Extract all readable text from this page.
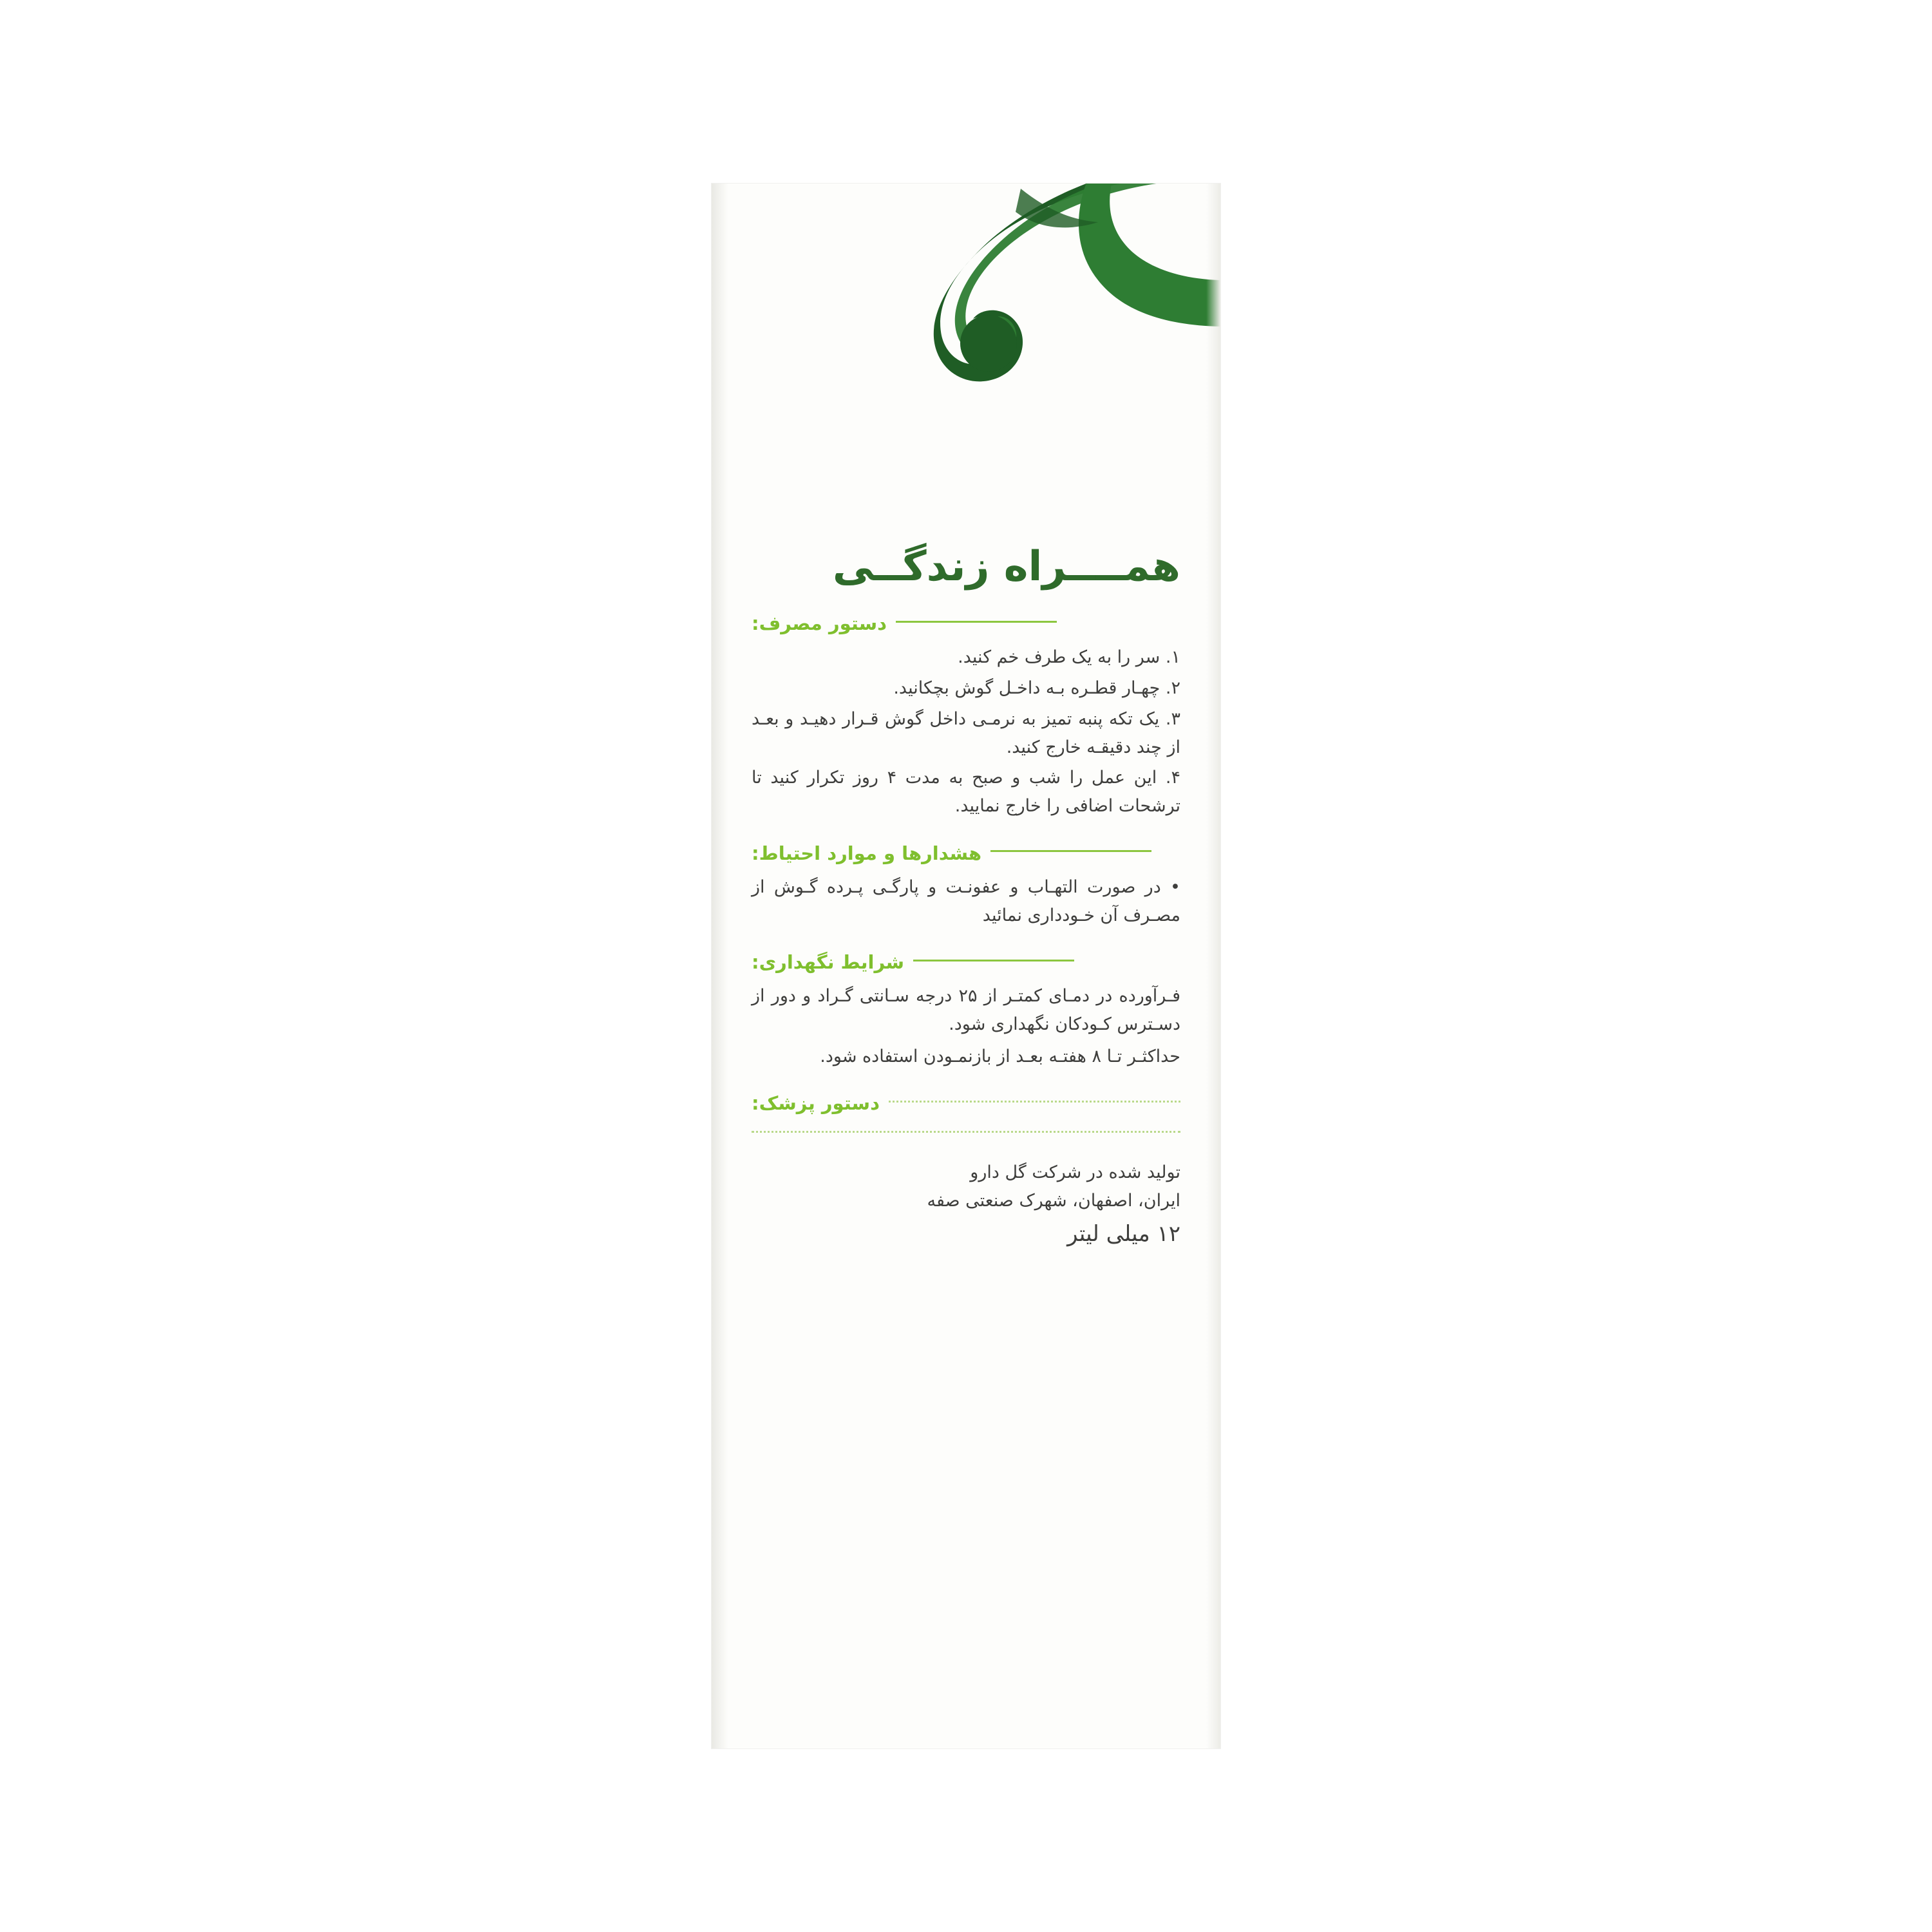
همــــراه زندگــی
دستور مصرف:
۱. سر را به یک طرف خم کنید.
۲. چهـار قطـره بـه داخـل گوش بچکانید.
۳. یک تکه پنبه تمیز به نرمـی داخل گوش قـرار دهیـد و بعـد از چند دقیقـه خارج کنید.
۴. این عمل را شب و صبح به مدت ۴ روز تکرار کنید تا ترشحات اضافی را خارج نمایید.
هشدارها و موارد احتیاط:
• در صورت التهـاب و عفونـت و پارگـی پـرده گـوش از مصـرف آن خـودداری نمائید
شرایط نگهداری:

فـرآورده در دمـای کمتـر از ۲۵ درجه سـانتی گـراد و دور از دسـترس کـودکان نگهداری شود.

حداکثـر تـا ۸ هفتـه بعـد از بازنمـودن استفاده شود.

دستور پزشک:

تولید شده در شرکت گل دارو

ایران، اصفهان، شهرک صنعتی صفه

۱۲ میلی لیتر
